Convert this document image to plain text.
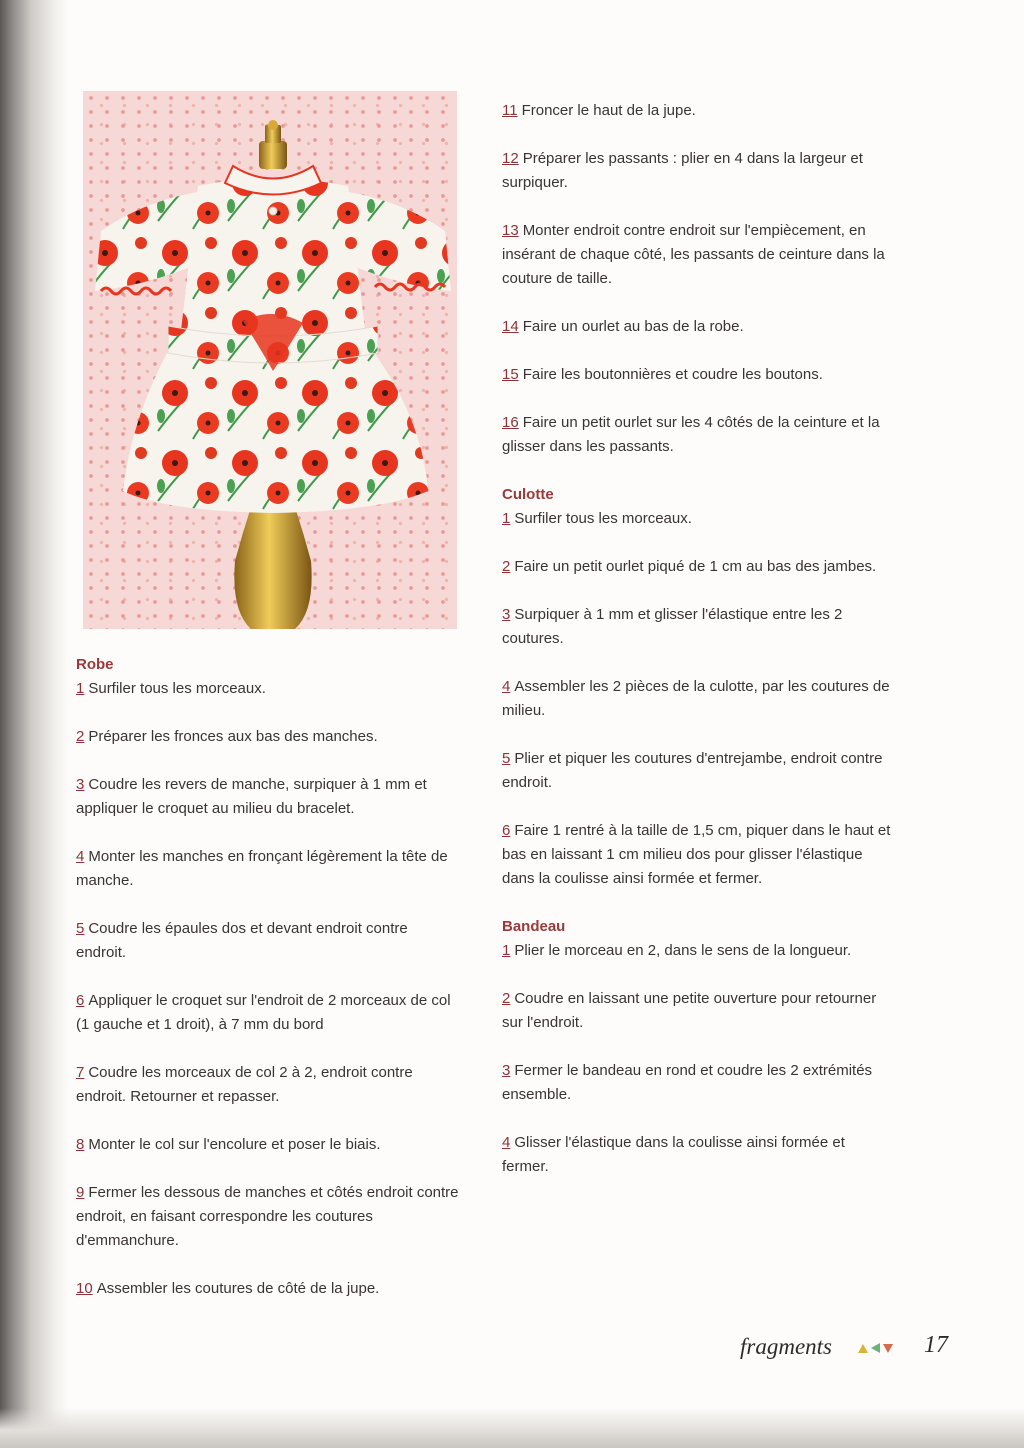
Robe
1 Surfiler tous les morceaux.
2 Préparer les fronces aux bas des manches.
3 Coudre les revers de manche, surpiquer à 1 mm et appliquer le croquet au milieu du bracelet.
4 Monter les manches en fronçant légèrement la tête de manche.
5 Coudre les épaules dos et devant endroit contre endroit.
6 Appliquer le croquet sur l'endroit de 2 morceaux de col (1 gauche et 1 droit), à 7 mm du bord
7 Coudre les morceaux de col 2 à 2, endroit contre endroit. Retourner et repasser.
8 Monter le col sur l'encolure et poser le biais.
9 Fermer les dessous de manches et côtés endroit contre endroit, en faisant correspondre les coutures d'emmanchure.
10 Assembler les coutures de côté de la jupe.
11 Froncer le haut de la jupe.
12 Préparer les passants : plier en 4 dans la largeur et surpiquer.
13 Monter endroit contre endroit sur l'empiècement, en insérant de chaque côté, les passants de ceinture dans la couture de taille.
14 Faire un ourlet au bas de la robe.
15 Faire les boutonnières et coudre les boutons.
16 Faire un petit ourlet sur les 4 côtés de la ceinture et la glisser dans les passants.
Culotte
1 Surfiler tous les morceaux.
2 Faire un petit ourlet piqué de 1 cm au bas des jambes.
3 Surpiquer à 1 mm et glisser l'élastique entre les 2 coutures.
4 Assembler les 2 pièces de la culotte, par les coutures de milieu.
5 Plier et piquer les coutures d'entrejambe, endroit contre endroit.
6 Faire 1 rentré à la taille de 1,5 cm, piquer dans le haut et bas en laissant 1 cm milieu dos pour glisser l'élastique dans la coulisse ainsi formée et fermer.
Bandeau
1 Plier le morceau en 2, dans le sens de la longueur.
2 Coudre en laissant une petite ouverture pour retourner sur l'endroit.
3 Fermer le bandeau en rond et coudre les 2 extrémités ensemble.
4 Glisser l'élastique dans la coulisse ainsi formée et fermer.
fragments	17
